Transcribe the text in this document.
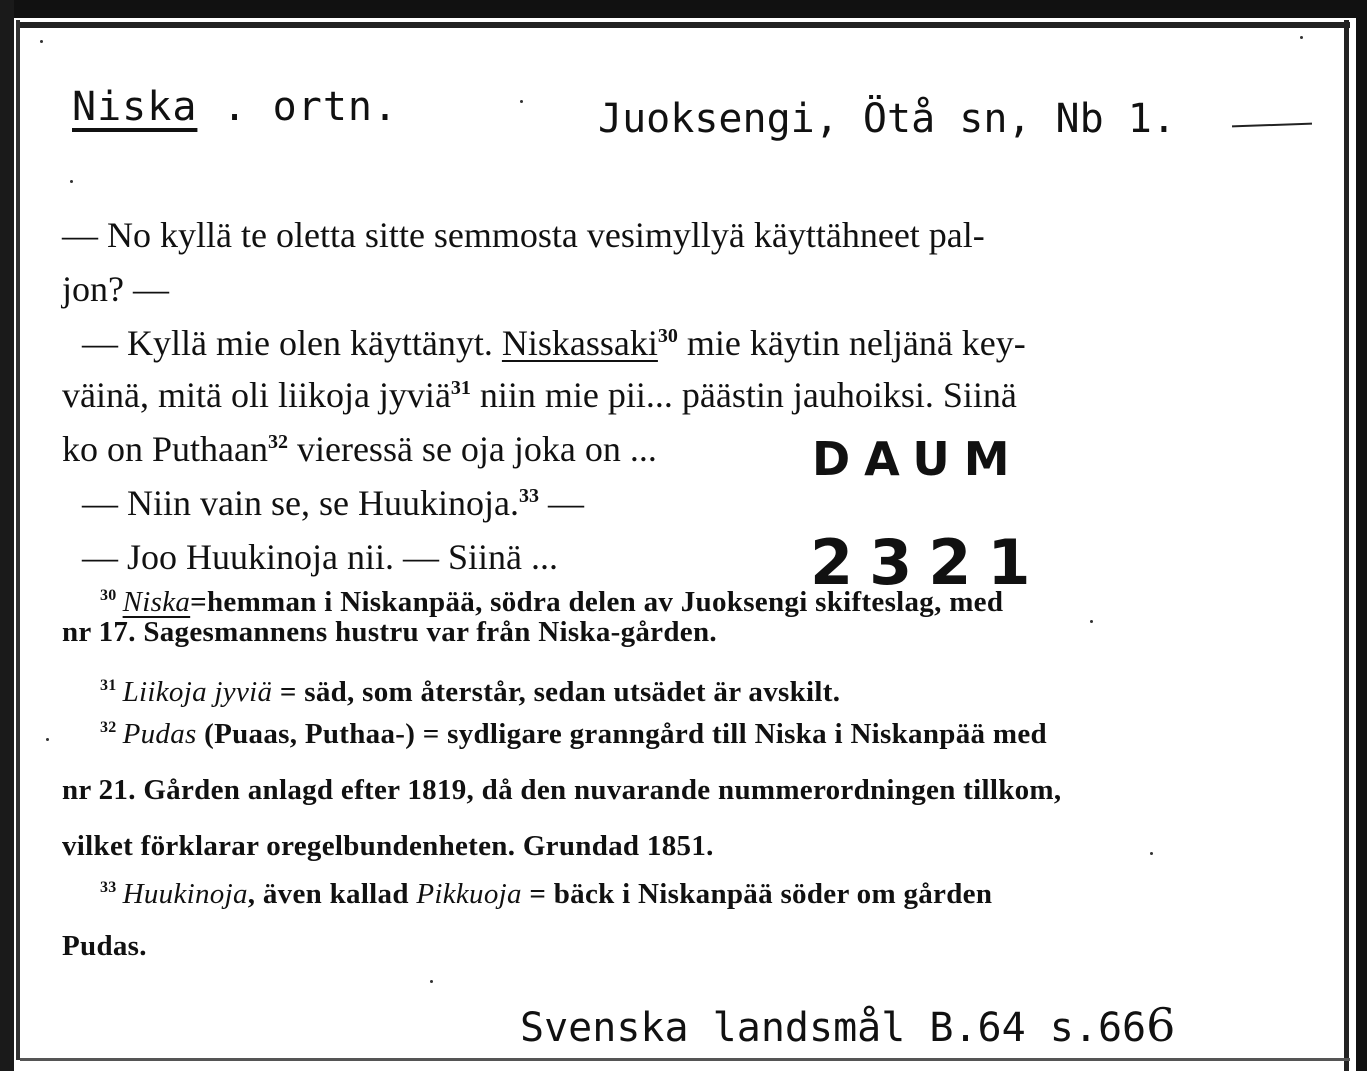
Niska . ortn.	Juoksengi, Ötå sn, Nb 1.
— No kyllä te oletta sitte semmosta vesimyllyä käyttähneet pal-
jon? —
— Kyllä mie olen käyttänyt. Niskassaki$^{30}$ mie käytin neljänä key-
väinä, mitä oli liikoja jyviä$^{31}$ niin mie pii... päästin jauhoiksi. Siinä
ko on Puthaan$^{32}$ vieressä se oja joka on ...
— Niin vain se, se Huukinoja.$^{33}$ —
— Joo Huukinoja nii. — Siinä ...
DAUM
2321
$^{30}$ Niska=hemman i Niskanpää, södra delen av Juoksengi skifteslag, med
nr 17. Sagesmannens hustru var från Niska-gården.
$^{31}$ Liikoja jyviä = säd, som återstår, sedan utsädet är avskilt.
$^{32}$ Pudas (Puaas, Puthaa-) = sydligare granngård till Niska i Niskanpää med
nr 21. Gården anlagd efter 1819, då den nuvarande nummerordningen tillkom,
vilket förklarar oregelbundenheten. Grundad 1851.
$^{33}$ Huukinoja, även kallad Pikkuoja = bäck i Niskanpää söder om gården
Pudas.
Svenska landsmål B.64 s.666
